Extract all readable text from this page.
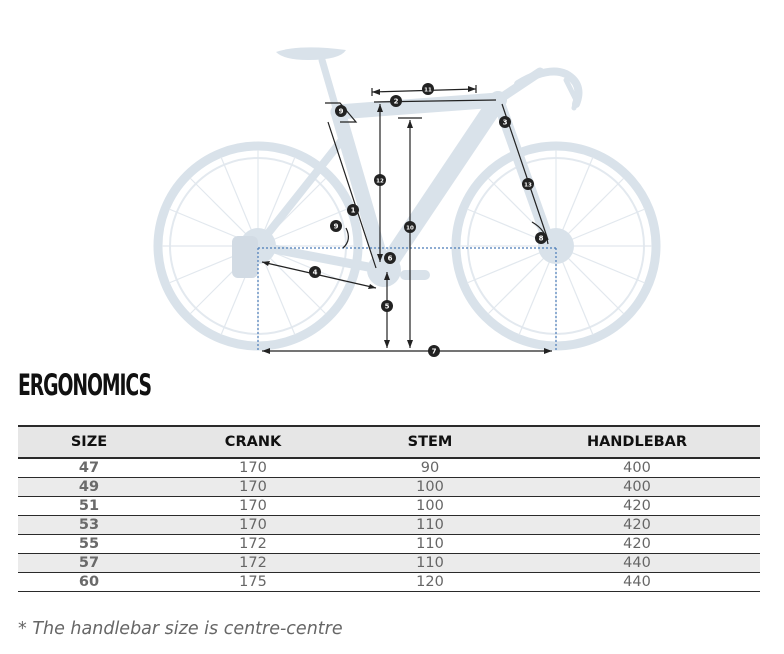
1
2
3
4
5
6
7
8
9
9	10
11
12
13
ERGONOMICS
SIZE	CRANK	STEM	HANDLEBAR
47	170	90	400
49	170	100	400
51	170	100	420
53	170	110	420
55	172	110	420
57	172	110	440
60	175	120	440
* The handlebar size is centre-centre
